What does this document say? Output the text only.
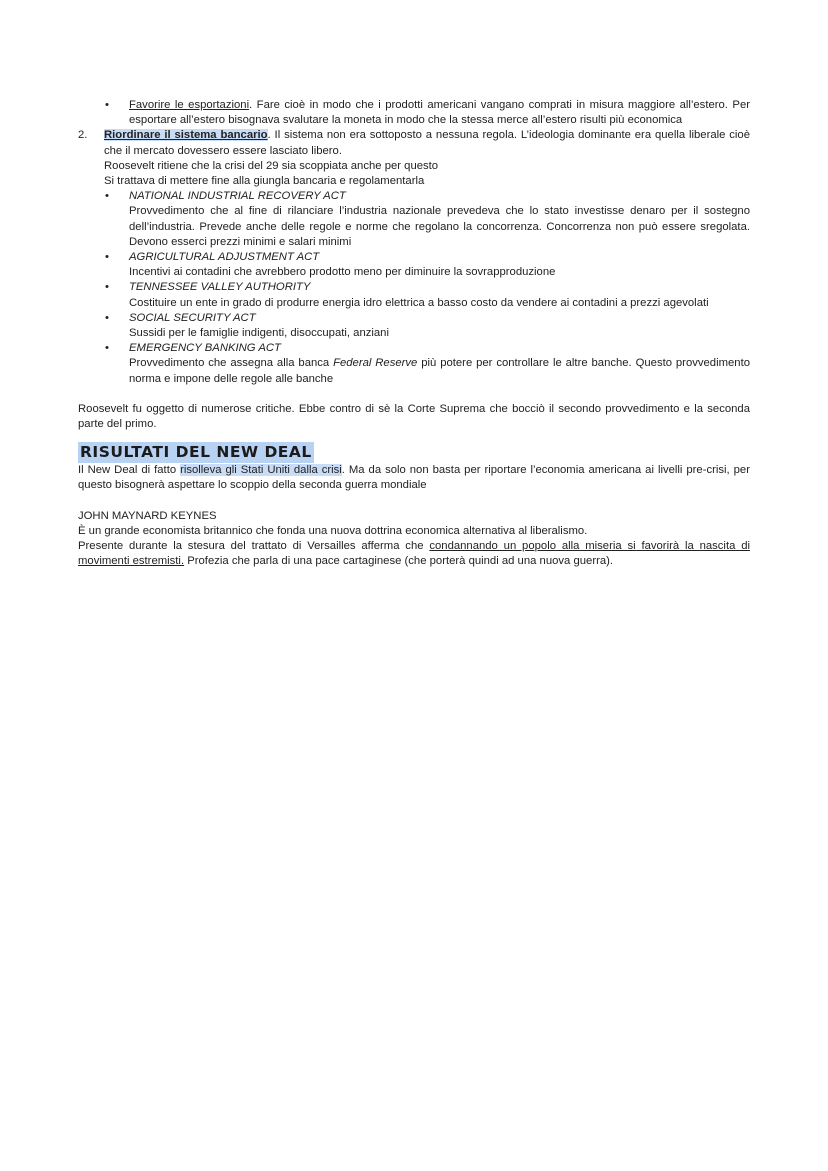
• Favorire le esportazioni. Fare cioè in modo che i prodotti americani vangano comprati in misura maggiore all’estero. Per esportare all’estero bisognava svalutare la moneta in modo che la stessa merce all’estero risulti più economica
2. Riordinare il sistema bancario. Il sistema non era sottoposto a nessuna regola. L’ideologia dominante era quella liberale cioè che il mercato dovessero essere lasciato libero.
Roosevelt ritiene che la crisi del 29 sia scoppiata anche per questo
Si trattava di mettere fine alla giungla bancaria e regolamentarla
• NATIONAL INDUSTRIAL RECOVERY ACT
Provvedimento che al fine di rilanciare l’industria nazionale prevedeva che lo stato investisse denaro per il sostegno dell’industria. Prevede anche delle regole e norme che regolano la concorrenza. Concorrenza non può essere sregolata. Devono esserci prezzi minimi e salari minimi
• AGRICULTURAL ADJUSTMENT ACT
Incentivi ai contadini che avrebbero prodotto meno per diminuire la sovrapproduzione
• TENNESSEE VALLEY AUTHORITY
Costituire un ente in grado di produrre energia idro elettrica a basso costo da vendere ai contadini a prezzi agevolati
• SOCIAL SECURITY ACT
Sussidi per le famiglie indigenti, disoccupati, anziani
• EMERGENCY BANKING ACT
Provvedimento che assegna alla banca Federal Reserve più potere per controllare le altre banche. Questo provvedimento norma e impone delle regole alle banche
Roosevelt fu oggetto di numerose critiche. Ebbe contro di sè la Corte Suprema che bocciò il secondo provvedimento e la seconda parte del primo.
RISULTATI DEL NEW DEAL
Il New Deal di fatto risolleva gli Stati Uniti dalla crisi. Ma da solo non basta per riportare l’economia americana ai livelli pre-crisi, per questo bisognerà aspettare lo scoppio della seconda guerra mondiale
JOHN MAYNARD KEYNES
È un grande economista britannico che fonda una nuova dottrina economica alternativa al liberalismo.
Presente durante la stesura del trattato di Versailles afferma che condannando un popolo alla miseria si favorirà la nascita di movimenti estremisti. Profezia che parla di una pace cartaginese (che porterà quindi ad una nuova guerra).
